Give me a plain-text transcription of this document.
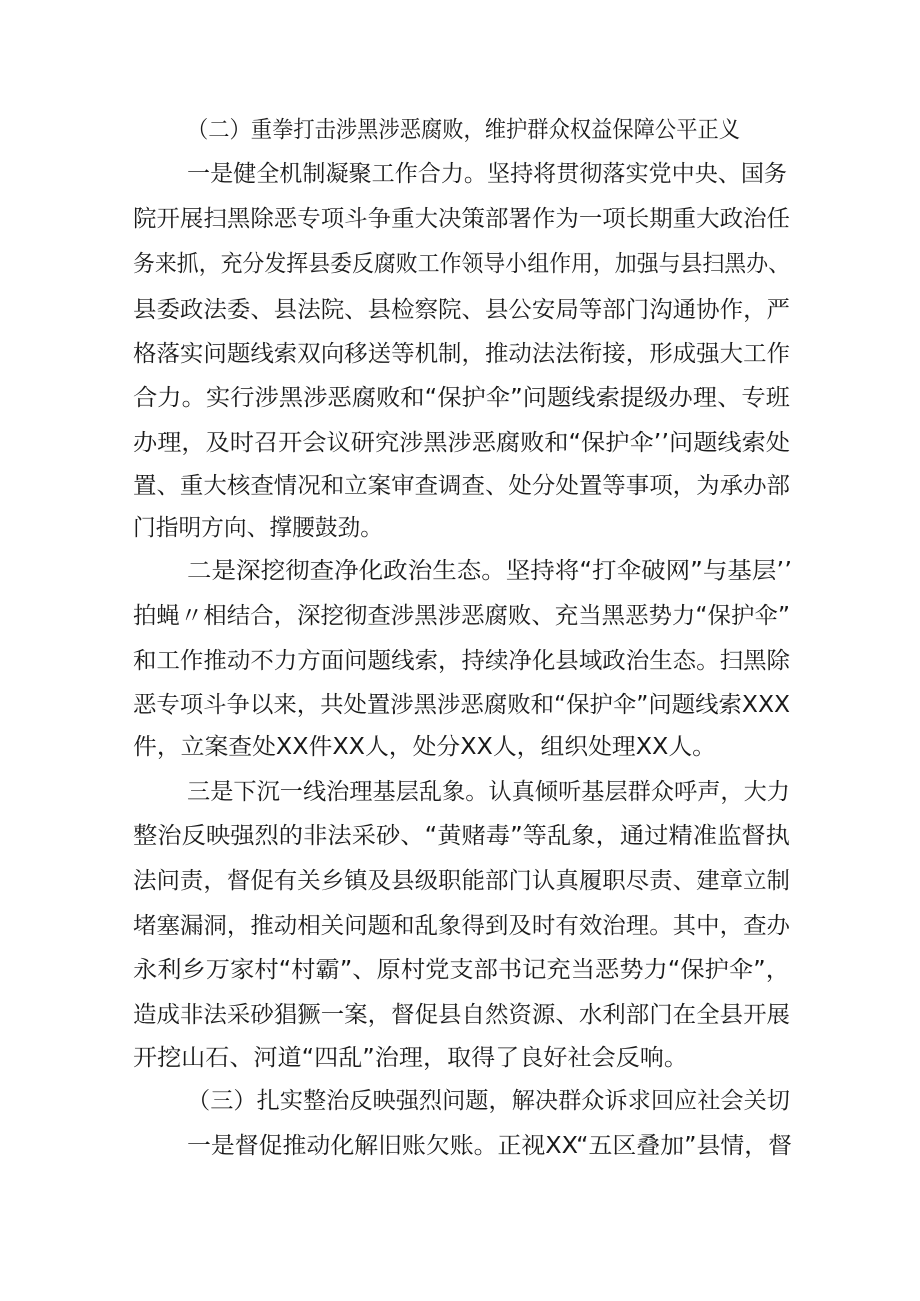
（二）重拳打击涉黑涉恶腐败，维护群众权益保障公平正义
一是健全机制凝聚工作合力。坚持将贯彻落实党中央、国务
院开展扫黑除恶专项斗争重大决策部署作为一项长期重大政治任
务来抓，充分发挥县委反腐败工作领导小组作用，加强与县扫黑办、
县委政法委、县法院、县检察院、县公安局等部门沟通协作，严
格落实问题线索双向移送等机制，推动法法衔接，形成强大工作
合力。实行涉黑涉恶腐败和“保护伞”问题线索提级办理、专班
办理，及时召开会议研究涉黑涉恶腐败和“保护伞’’问题线索处
置、重大核查情况和立案审查调查、处分处置等事项，为承办部
门指明方向、撑腰鼓劲。
二是深挖彻查净化政治生态。坚持将“打伞破网”与基层’’
拍蝇〃相结合，深挖彻查涉黑涉恶腐败、充当黑恶势力“保护伞”
和工作推动不力方面问题线索，持续净化县域政治生态。扫黑除
恶专项斗争以来，共处置涉黑涉恶腐败和“保护伞”问题线索XXX
件，立案查处XX件XX人，处分XX人，组织处理XX人。
三是下沉一线治理基层乱象。认真倾听基层群众呼声，大力
整治反映强烈的非法采砂、“黄赌毒”等乱象，通过精准监督执
法问责，督促有关乡镇及县级职能部门认真履职尽责、建章立制
堵塞漏洞，推动相关问题和乱象得到及时有效治理。其中，查办
永利乡万家村“村霸”、原村党支部书记充当恶势力“保护伞”，
造成非法采砂猖獗一案，督促县自然资源、水利部门在全县开展
开挖山石、河道“四乱”治理，取得了良好社会反响。
（三）扎实整治反映强烈问题，解决群众诉求回应社会关切
一是督促推动化解旧账欠账。正视XX“五区叠加”县情，督
